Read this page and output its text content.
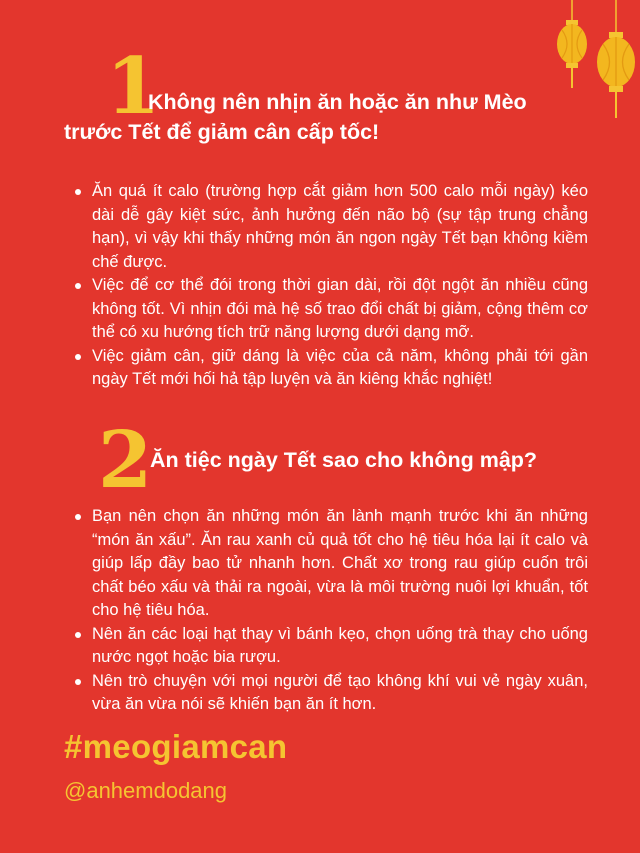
1
Không nên nhịn ăn hoặc ăn như Mèo
trước Tết để giảm cân cấp tốc!
Ăn quá ít calo (trường hợp cắt giảm hơn 500 calo mỗi ngày) kéo dài dễ gây kiệt sức, ảnh hưởng đến não bộ (sự tập trung chẳng hạn), vì vậy khi thấy những món ăn ngon ngày Tết bạn không kiềm chế được.
Việc để cơ thể đói trong thời gian dài, rồi đột ngột ăn nhiều cũng không tốt. Vì nhịn đói mà hệ số trao đổi chất bị giảm, cộng thêm cơ thể có xu hướng tích trữ năng lượng dưới dạng mỡ.
Việc giảm cân, giữ dáng là việc của cả năm, không phải tới gần ngày Tết mới hối hả tập luyện và ăn kiêng khắc nghiệt!
2
Ăn tiệc ngày Tết sao cho không mập?
Bạn nên chọn ăn những món ăn lành mạnh trước khi ăn những “món ăn xấu”. Ăn rau xanh củ quả tốt cho hệ tiêu hóa lại ít calo và giúp lấp đầy bao tử nhanh hơn. Chất xơ trong rau giúp cuốn trôi chất béo xấu và thải ra ngoài, vừa là môi trường nuôi lợi khuẩn, tốt cho hệ tiêu hóa.
Nên ăn các loại hạt thay vì bánh kẹo, chọn uống trà thay cho uống nước ngọt hoặc bia rượu.
Nên trò chuyện với mọi người để tạo không khí vui vẻ ngày xuân, vừa ăn vừa nói sẽ khiến bạn ăn ít hơn.
#meogiamcan
@anhemdodang
